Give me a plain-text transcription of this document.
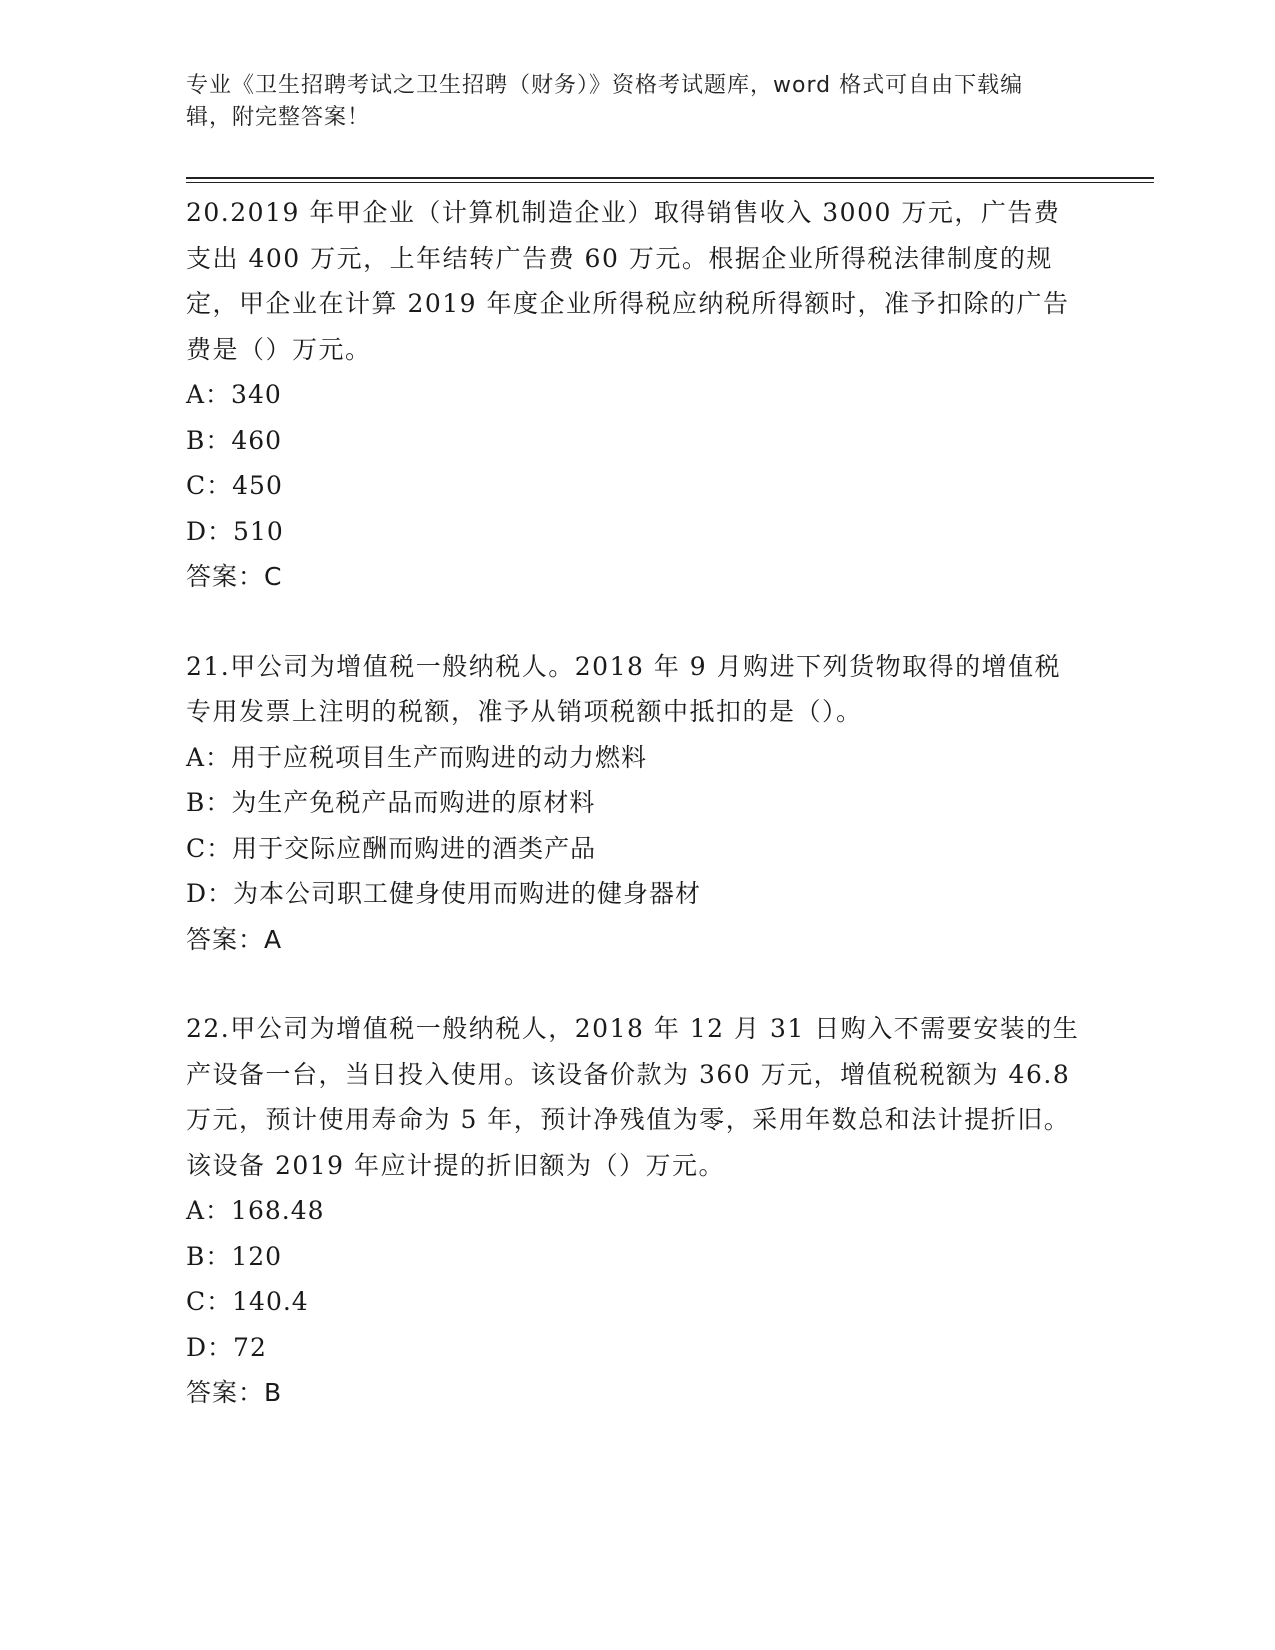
专业《卫生招聘考试之卫生招聘（财务）》资格考试题库，word 格式可自由下载编辑，附完整答案！

20.2019 年甲企业（计算机制造企业）取得销售收入 3000 万元，广告费支出 400 万元，上年结转广告费 60 万元。根据企业所得税法律制度的规定，甲企业在计算 2019 年度企业所得税应纳税所得额时，准予扣除的广告费是（）万元。

A：340

B：460

C：450

D：510

答案：C

21.甲公司为增值税一般纳税人。2018 年 9 月购进下列货物取得的增值税专用发票上注明的税额，准予从销项税额中抵扣的是（）。

A：用于应税项目生产而购进的动力燃料

B：为生产免税产品而购进的原材料

C：用于交际应酬而购进的酒类产品

D：为本公司职工健身使用而购进的健身器材

答案：A

22.甲公司为增值税一般纳税人，2018 年 12 月 31 日购入不需要安装的生产设备一台，当日投入使用。该设备价款为 360 万元，增值税税额为 46.8 万元，预计使用寿命为 5 年，预计净残值为零，采用年数总和法计提折旧。该设备 2019 年应计提的折旧额为（）万元。

A：168.48

B：120

C：140.4

D：72

答案：B
